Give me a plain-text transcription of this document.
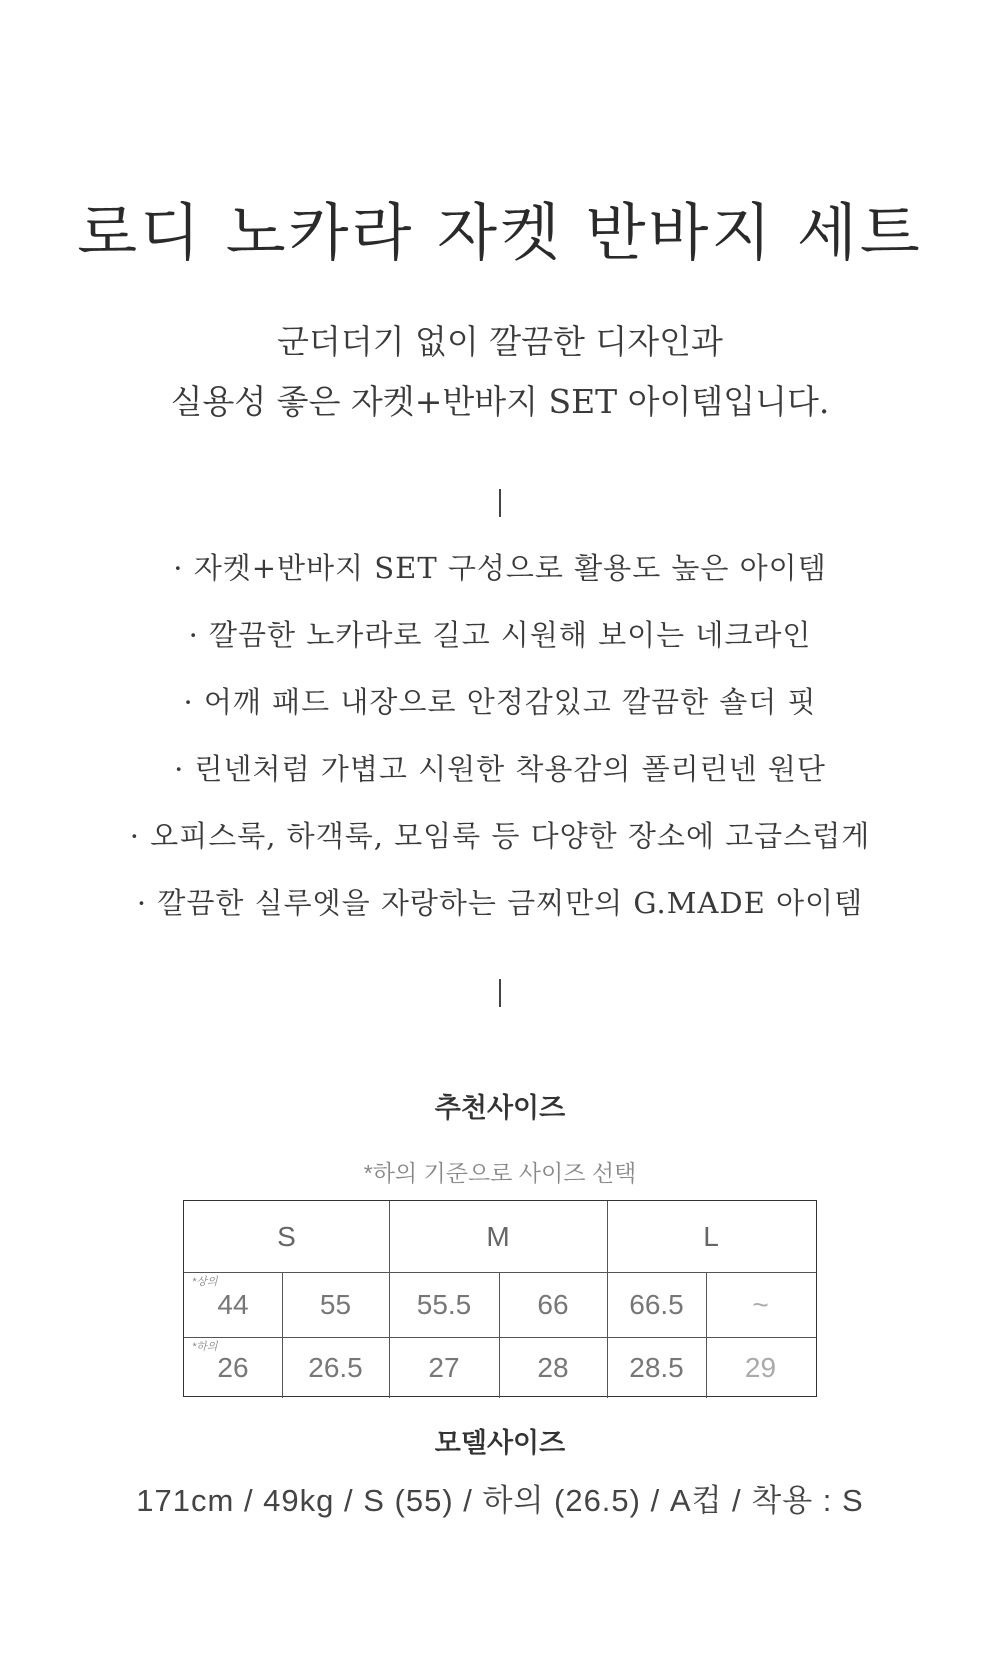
로디 노카라 자켓 반바지 세트
군더더기 없이 깔끔한 디자인과
실용성 좋은 자켓+반바지 SET 아이템입니다.
· 자켓+반바지 SET 구성으로 활용도 높은 아이템
· 깔끔한 노카라로 길고 시원해 보이는 네크라인
· 어깨 패드 내장으로 안정감있고 깔끔한 숄더 핏
· 린넨처럼 가볍고 시원한 착용감의 폴리린넨 원단
· 오피스룩, 하객룩, 모임룩 등 다양한 장소에 고급스럽게
· 깔끔한 실루엣을 자랑하는 금찌만의 G.MADE 아이템
추천사이즈
*하의 기준으로 사이즈 선택
S	M	L
*상의
*하의
44	55	55.5	66	66.5	~
26	26.5	27	28	28.5	29
모델사이즈
171cm / 49kg / S (55) / 하의 (26.5) / A컵 / 착용 : S
